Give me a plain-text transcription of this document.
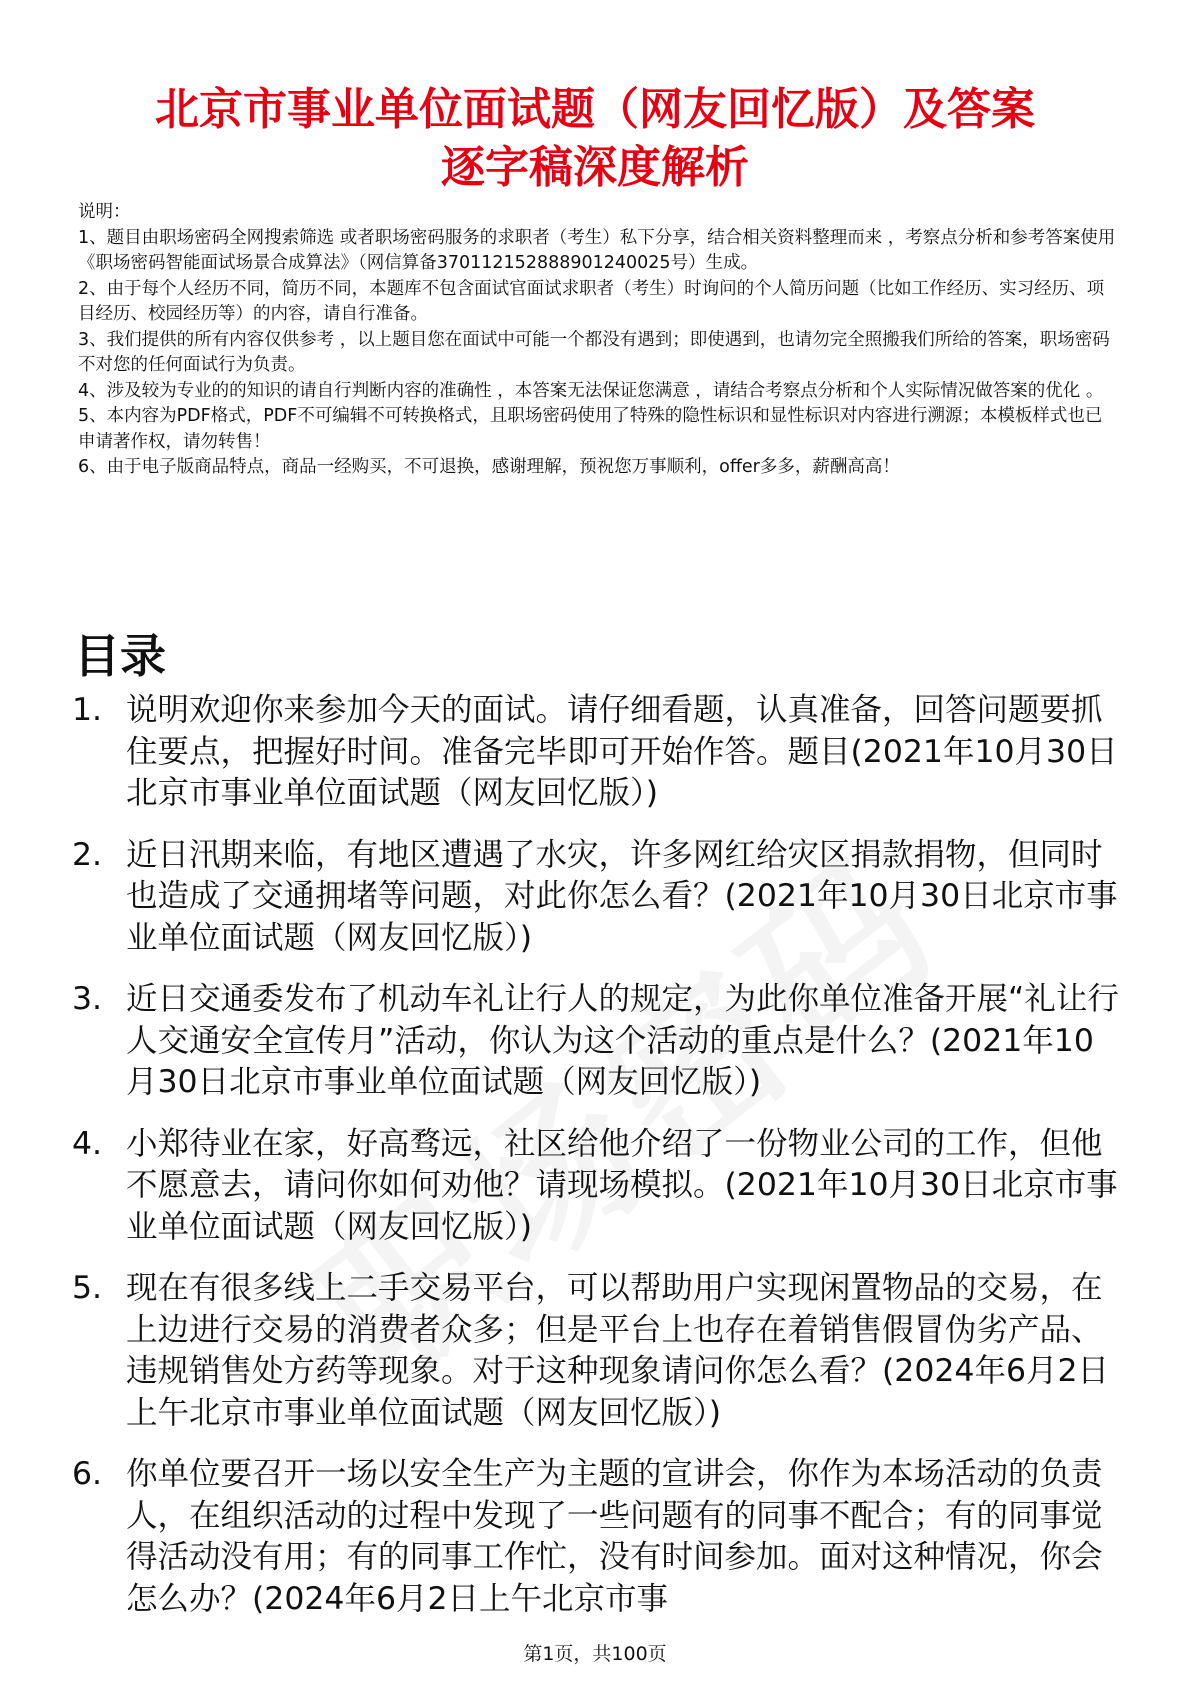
北京市事业单位面试题（网友回忆版）及答案
逐字稿深度解析

说明：

1、题目由职场密码全网搜索筛选 或者职场密码服务的求职者（考生）私下分享，结合相关资料整理而来 ，考察点分析和参考答案使用《职场密码智能面试场景合成算法》（网信算备370112152888901240025号）生成。

2、由于每个人经历不同，简历不同，本题库不包含面试官面试求职者（考生）时询问的个人简历问题（比如工作经历、实习经历、项目经历、校园经历等）的内容，请自行准备。

3、我们提供的所有内容仅供参考 ，以上题目您在面试中可能一个都没有遇到；即使遇到，也请勿完全照搬我们所给的答案，职场密码不对您的任何面试行为负责。

4、涉及较为专业的的知识的请自行判断内容的准确性 ，本答案无法保证您满意 ，请结合考察点分析和个人实际情况做答案的优化 。

5、本内容为PDF格式，PDF不可编辑不可转换格式，且职场密码使用了特殊的隐性标识和显性标识对内容进行溯源；本模板样式也已申请著作权，请勿转售！

6、由于电子版商品特点，商品一经购买，不可退换，感谢理解，预祝您万事顺利，offer多多，薪酬高高！

目录
1. 说明欢迎你来参加今天的面试。请仔细看题，认真准备，回答问题要抓住要点，把握好时间。准备完毕即可开始作答。题目(2021年10月30日北京市事业单位面试题（网友回忆版）)
2. 近日汛期来临，有地区遭遇了水灾，许多网红给灾区捐款捐物，但同时也造成了交通拥堵等问题，对此你怎么看？(2021年10月30日北京市事业单位面试题（网友回忆版）)
3. 近日交通委发布了机动车礼让行人的规定，为此你单位准备开展“礼让行人交通安全宣传月”活动，你认为这个活动的重点是什么？(2021年10月30日北京市事业单位面试题（网友回忆版）)
4. 小郑待业在家，好高骛远，社区给他介绍了一份物业公司的工作，但他不愿意去，请问你如何劝他？请现场模拟。(2021年10月30日北京市事业单位面试题（网友回忆版）)
5. 现在有很多线上二手交易平台，可以帮助用户实现闲置物品的交易，在上边进行交易的消费者众多；但是平台上也存在着销售假冒伪劣产品、违规销售处方药等现象。对于这种现象请问你怎么看？(2024年6月2日上午北京市事业单位面试题（网友回忆版）)
6. 你单位要召开一场以安全生产为主题的宣讲会，你作为本场活动的负责人，在组织活动的过程中发现了一些问题有的同事不配合；有的同事觉得活动没有用；有的同事工作忙，没有时间参加。面对这种情况，你会怎么办？(2024年6月2日上午北京市事
第1页，共100页
